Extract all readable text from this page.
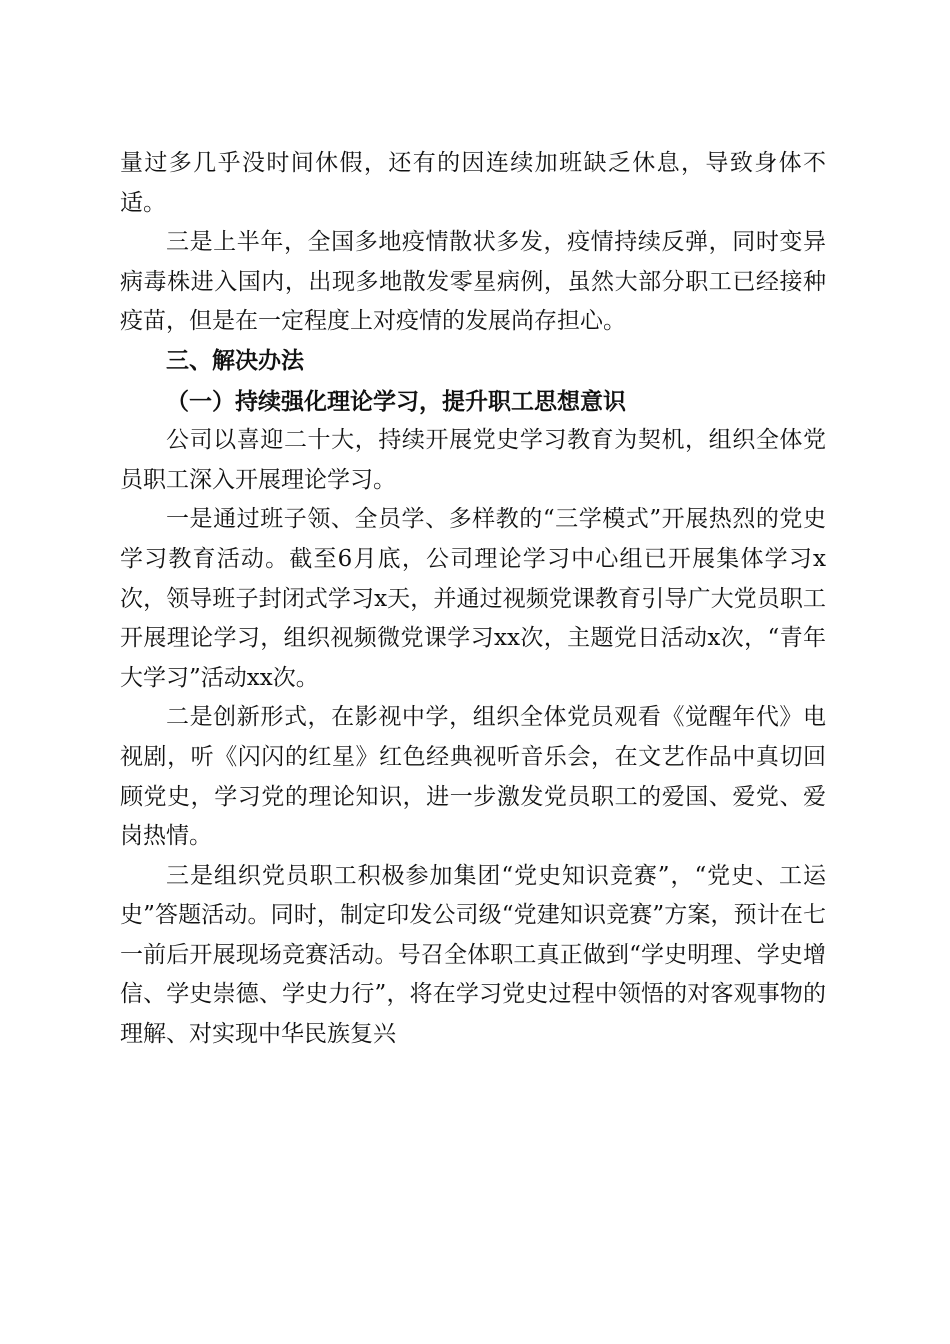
量过多几乎没时间休假，还有的因连续加班缺乏休息，导致身体不适。

三是上半年，全国多地疫情散状多发，疫情持续反弹，同时变异病毒株进入国内，出现多地散发零星病例，虽然大部分职工已经接种疫苗，但是在一定程度上对疫情的发展尚存担心。

三、解决办法

（一）持续强化理论学习，提升职工思想意识

公司以喜迎二十大，持续开展党史学习教育为契机，组织全体党员职工深入开展理论学习。

一是通过班子领、全员学、多样教的“三学模式”开展热烈的党史学习教育活动。截至6月底，公司理论学习中心组已开展集体学习x次，领导班子封闭式学习x天，并通过视频党课教育引导广大党员职工开展理论学习，组织视频微党课学习xx次，主题党日活动x次，“青年大学习”活动xx次。

二是创新形式，在影视中学，组织全体党员观看《觉醒年代》电视剧，听《闪闪的红星》红色经典视听音乐会，在文艺作品中真切回顾党史，学习党的理论知识，进一步激发党员职工的爱国、爱党、爱岗热情。

三是组织党员职工积极参加集团“党史知识竞赛”，“党史、工运史”答题活动。同时，制定印发公司级“党建知识竞赛”方案，预计在七一前后开展现场竞赛活动。号召全体职工真正做到“学史明理、学史增信、学史崇德、学史力行”，将在学习党史过程中领悟的对客观事物的理解、对实现中华民族复兴
